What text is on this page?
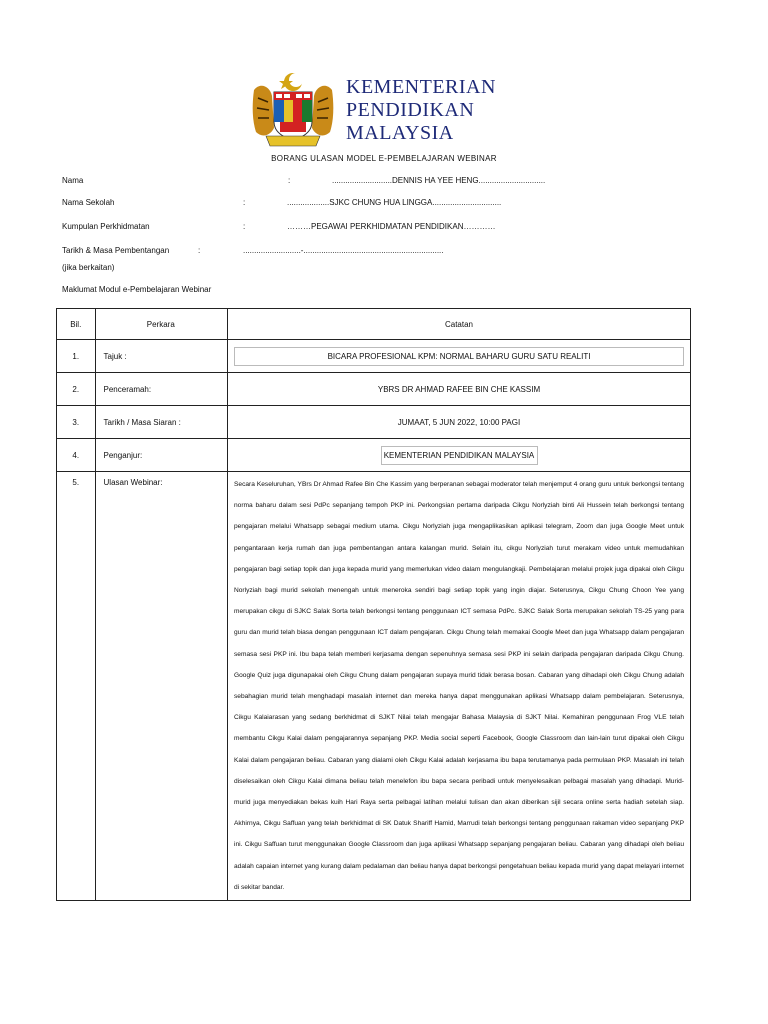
KEMENTERIAN
PENDIDIKAN
MALAYSIA
BORANG ULASAN MODEL E-PEMBELAJARAN WEBINAR
Nama	:	...........................DENNIS HA YEE HENG..............................
Nama Sekolah	:	...................SJKC CHUNG HUA LINGGA...............................
Kumpulan Perkhidmatan	:	………PEGAWAI PERKHIDMATAN PENDIDIKAN…………
Tarikh & Masa Pembentangan	:	..........................-...............................................................
(jika berkaitan)
Maklumat Modul e-Pembelajaran Webinar
Bil.	Perkara	Catatan
1.	Tajuk :	BICARA PROFESIONAL KPM: NORMAL BAHARU GURU SATU REALITI

2.	Penceramah:	YBRS DR AHMAD RAFEE BIN CHE KASSIM
3.	Tarikh / Masa Siaran :	JUMAAT, 5 JUN 2022, 10:00 PAGI
4.	Penganjur:	KEMENTERIAN PENDIDIKAN MALAYSIA

5.	Ulasan Webinar:	Secara Keseluruhan, YBrs Dr Ahmad Rafee Bin Che Kassim yang berperanan sebagai moderator telah menjemput 4 orang guru untuk berkongsi tentang norma baharu dalam sesi PdPc sepanjang tempoh PKP ini. Perkongsian pertama daripada Cikgu Norlyziah binti Ali Hussein telah berkongsi tentang pengajaran melalui Whatsapp sebagai medium utama. Cikgu Norlyziah juga mengaplikasikan aplikasi telegram, Zoom dan juga Google Meet untuk pengantaraan kerja rumah dan juga pembentangan antara kalangan murid. Selain itu, cikgu Norlyziah turut merakam video untuk memudahkan pengajaran bagi setiap topik dan juga kepada murid yang memerlukan video dalam mengulangkaji. Pembelajaran melalui projek juga dipakai oleh Cikgu Norlyziah bagi murid sekolah menengah untuk meneroka sendiri bagi setiap topik yang ingin diajar. Seterusnya, Cikgu Chung Choon Yee yang merupakan cikgu di SJKC Salak Sorta telah berkongsi tentang penggunaan ICT semasa PdPc. SJKC Salak Sorta merupakan sekolah TS-25 yang para guru dan murid telah biasa dengan penggunaan ICT dalam pengajaran. Cikgu Chung telah memakai Google Meet dan juga Whatsapp dalam pengajaran semasa sesi PKP ini. Ibu bapa telah memberi kerjasama dengan sepenuhnya semasa sesi PKP ini selain daripada pengajaran daripada Cikgu Chung. Google Quiz juga digunapakai oleh Cikgu Chung dalam pengajaran supaya murid tidak berasa bosan. Cabaran yang dihadapi oleh Cikgu Chung adalah sebahagian murid telah menghadapi masalah internet dan mereka hanya dapat menggunakan aplikasi Whatsapp dalam pembelajaran. Seterusnya, Cikgu Kalaiarasan yang sedang berkhidmat di SJKT Nilai telah mengajar Bahasa Malaysia di SJKT Nilai. Kemahiran penggunaan Frog VLE telah membantu Cikgu Kalai dalam pengajarannya sepanjang PKP. Media social seperti Facebook, Google Classroom dan lain-lain turut dipakai oleh Cikgu Kalai dalam pengajaran beliau. Cabaran yang dialami oleh Cikgu Kalai adalah kerjasama ibu bapa terutamanya pada permulaan PKP. Masalah ini telah diselesaikan oleh Cikgu Kalai dimana beliau telah menelefon ibu bapa secara peribadi untuk menyelesaikan pelbagai masalah yang dihadapi. Murid-murid juga menyediakan bekas kuih Hari Raya serta pelbagai latihan melalui tulisan dan akan diberikan sijil secara online serta hadiah setelah siap. Akhirnya, Cikgu Saffuan yang telah berkhidmat di SK Datuk Shariff Hamid, Marrudi telah berkongsi tentang penggunaan rakaman video sepanjang PKP ini. Cikgu Saffuan turut menggunakan Google Classroom dan juga aplikasi Whatsapp sepanjang pengajaran beliau. Cabaran yang dihadapi oleh beliau adalah capaian internet yang kurang dalam pedalaman dan beliau hanya dapat berkongsi pengetahuan beliau kepada murid yang dapat melayari internet di sekitar bandar.
